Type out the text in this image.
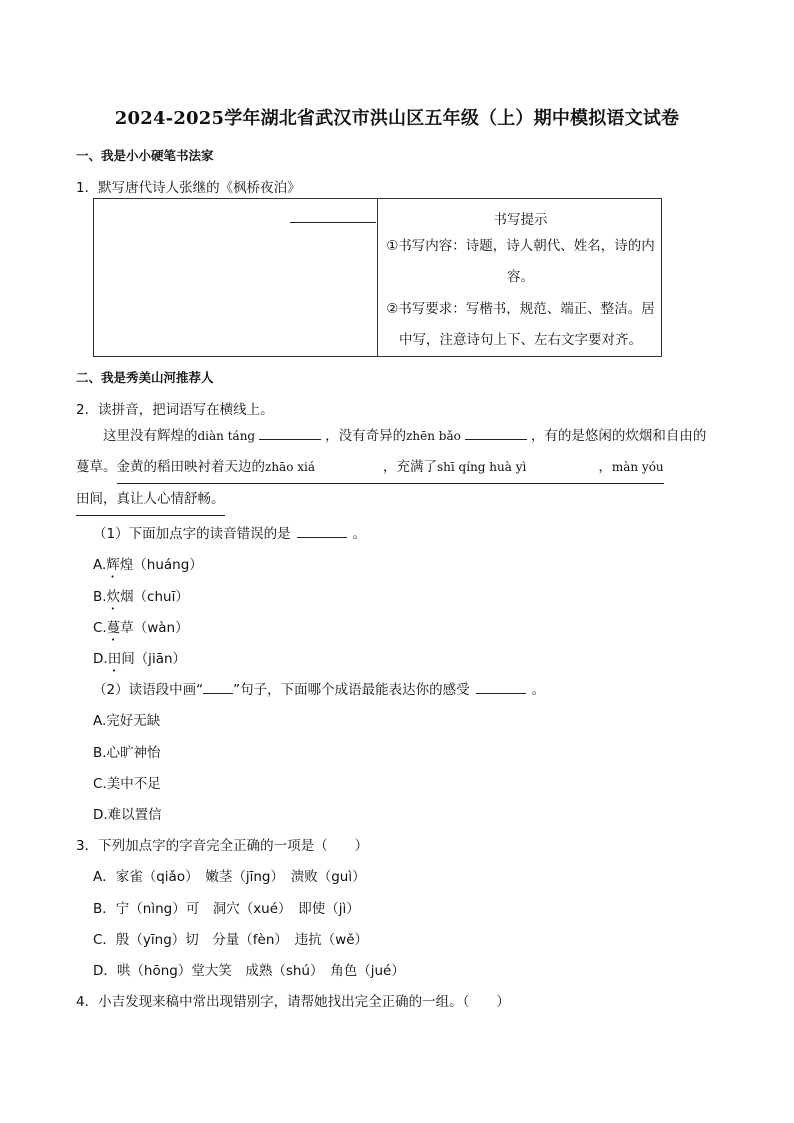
2024-2025学年湖北省武汉市洪山区五年级（上）期中模拟语文试卷
一、我是小小硬笔书法家
1．默写唐代诗人张继的《枫桥夜泊》
书写提示
①书写内容：诗题，诗人朝代、姓名，诗的内容。
②书写要求：写楷书，规范、端正、整洁。居中写，注意诗句上下、左右文字要对齐。
二、我是秀美山河推荐人
2．读拼音，把词语写在横线上。
这里没有辉煌的diàn táng	，没有奇异的zhēn bǎo	，有的是悠闲的炊烟和自由的
蔓草。金黄的稻田映衬着天边的zhāo xiá	，充满了shī qíng huà yì	，màn yóu
田间，真让人心情舒畅。
（1）下面加点字的读音错误的是	。
A.辉煌（huáng）
B.炊烟（chuī）
C.蔓草（wàn）
D.田间（jiān）
（2）读语段中画“ ”句子，下面哪个成语最能表达你的感受	。
A.完好无缺
B.心旷神怡
C.美中不足
D.难以置信
3．下列加点字的字音完全正确的一项是（　　）
A．家雀（qiǎo）　嫩茎（jīng）　溃败（guì）
B．宁（nìng）可　洞穴（xué）　即使（jì）
C．殷（yīng）切　分量（fèn）　违抗（wě）
D．哄（hōng）堂大笑　成熟（shú）　角色（jué）
4．小吉发现来稿中常出现错别字，请帮她找出完全正确的一组。（　　）
